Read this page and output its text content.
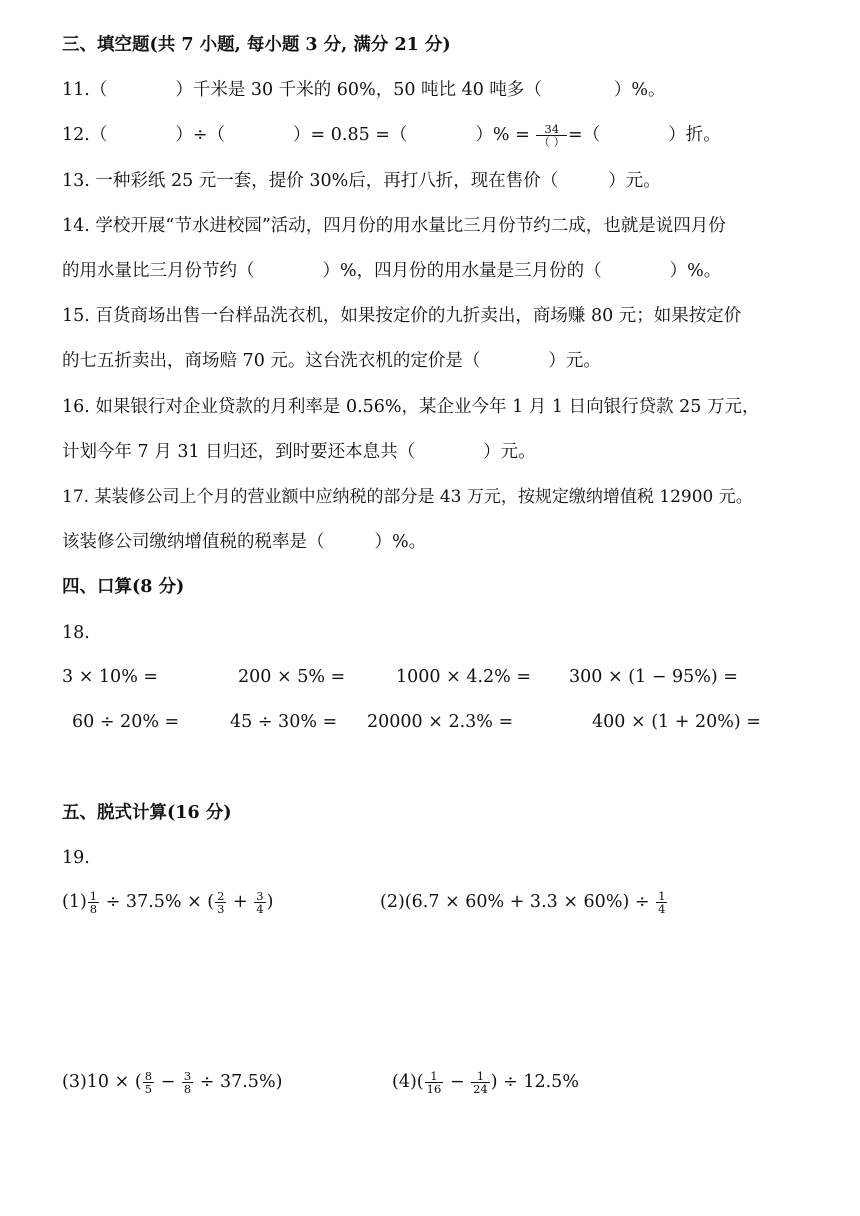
三、填空题(共 7 小题, 每小题 3 分, 满分 21 分)
11.（	）千米是 30 千米的 60%，50 吨比 40 吨多（	）%。
12.（	）÷（	）= 0.85 =（	）% = $\frac{34}{( )}$ =（	）折。
13. 一种彩纸 25 元一套，提价 30%后，再打八折，现在售价（	）元。
14. 学校开展“节水进校园”活动，四月份的用水量比三月份节约二成，也就是说四月份
的用水量比三月份节约（	）%，四月份的用水量是三月份的（	）%。
15. 百货商场出售一台样品洗衣机，如果按定价的九折卖出，商场赚 80 元；如果按定价
的七五折卖出，商场赔 70 元。这台洗衣机的定价是（	）元。
16. 如果银行对企业贷款的月利率是 0.56%，某企业今年 1 月 1 日向银行贷款 25 万元，
计划今年 7 月 31 日归还，到时要还本息共（	）元。
17. 某装修公司上个月的营业额中应纳税的部分是 43 万元，按规定缴纳增值税 12900 元。
该装修公司缴纳增值税的税率是（	）%。
四、口算(8 分)
18.
3 × 10% =	200 × 5% =	1000 × 4.2% = 300 × (1 − 95%) =
60 ÷ 20% =	45 ÷ 30% = 20000 × 2.3% =	400 × (1 + 20%) =
五、脱式计算(16 分)
19.
$(1) \frac{1}{8} \div 37.5\%$ × ( $\frac{2}{3} + \frac{3}{4}$ )	$(2)(6.7 \times 60\% + 3.3 \times 60\%) \div \frac{1}{4}$
(3)10 × ( $\frac{8}{5} - \frac{3}{8} \div 37.5\%$)	$(4)( \frac{1}{16} - \frac{1}{24}$ ) ÷ 12.5%
